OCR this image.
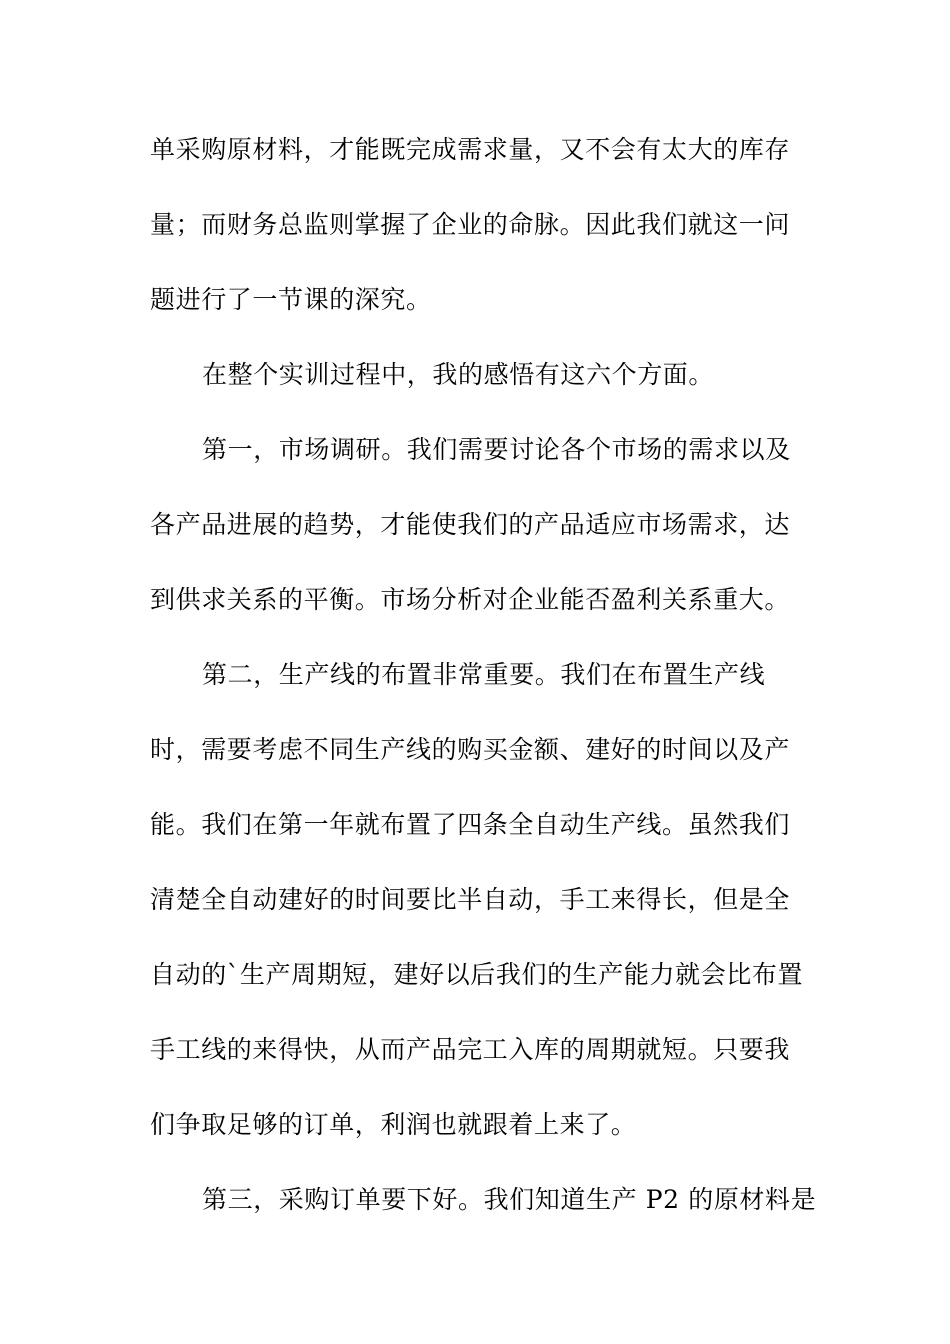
单采购原材料，才能既完成需求量，又不会有太大的库存
量；而财务总监则掌握了企业的命脉。因此我们就这一问
题进行了一节课的深究。
在整个实训过程中，我的感悟有这六个方面。
第一，市场调研。我们需要讨论各个市场的需求以及
各产品进展的趋势，才能使我们的产品适应市场需求，达
到供求关系的平衡。市场分析对企业能否盈利关系重大。
第二，生产线的布置非常重要。我们在布置生产线
时，需要考虑不同生产线的购买金额、建好的时间以及产
能。我们在第一年就布置了四条全自动生产线。虽然我们
清楚全自动建好的时间要比半自动，手工来得长，但是全
自动的`生产周期短，建好以后我们的生产能力就会比布置
手工线的来得快，从而产品完工入库的周期就短。只要我
们争取足够的订单，利润也就跟着上来了。
第三，采购订单要下好。我们知道生产 P2 的原材料是
